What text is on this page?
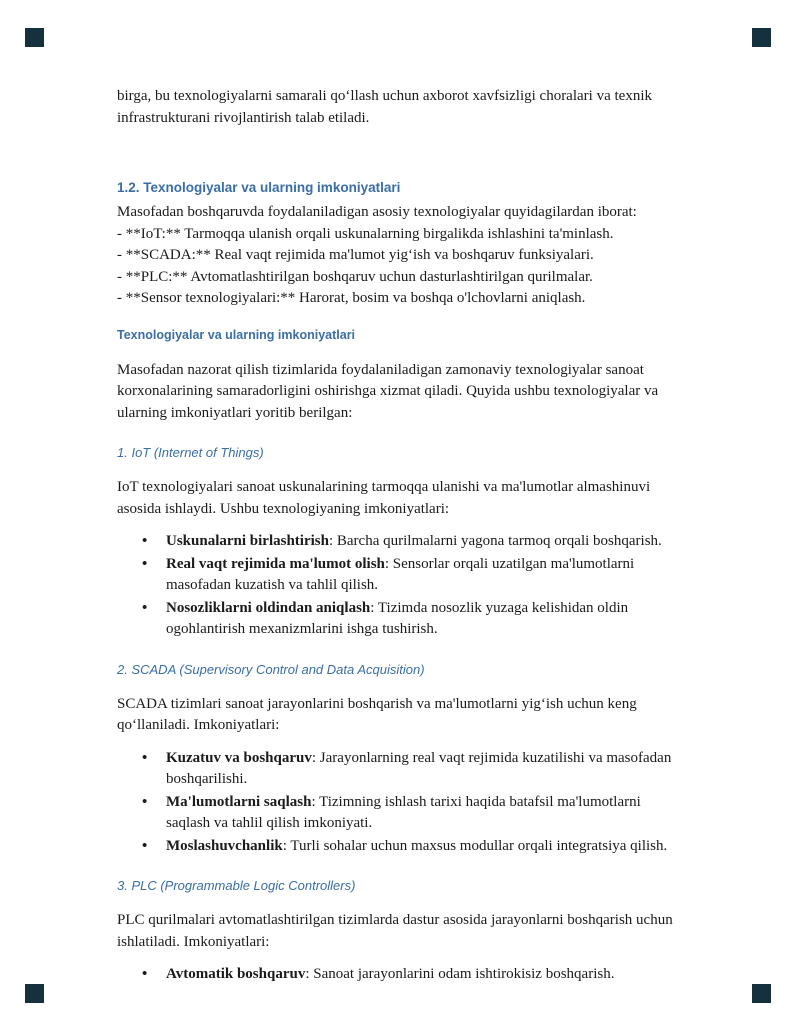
birga, bu texnologiyalarni samarali qo‘llash uchun axborot xavfsizligi choralari va texnik infrastrukturani rivojlantirish talab etiladi.

1.2. Texnologiyalar va ularning imkoniyatlari

Masofadan boshqaruvda foydalaniladigan asosiy texnologiyalar quyidagilardan iborat:

- **IoT:** Tarmoqqa ulanish orqali uskunalarning birgalikda ishlashini ta'minlash.

- **SCADA:** Real vaqt rejimida ma'lumot yig‘ish va boshqaruv funksiyalari.

- **PLC:** Avtomatlashtirilgan boshqaruv uchun dasturlashtirilgan qurilmalar.

- **Sensor texnologiyalari:** Harorat, bosim va boshqa o'lchovlarni aniqlash.

Texnologiyalar va ularning imkoniyatlari

Masofadan nazorat qilish tizimlarida foydalaniladigan zamonaviy texnologiyalar sanoat korxonalarining samaradorligini oshirishga xizmat qiladi. Quyida ushbu texnologiyalar va ularning imkoniyatlari yoritib berilgan:

1. IoT (Internet of Things)

IoT texnologiyalari sanoat uskunalarining tarmoqqa ulanishi va ma'lumotlar almashinuvi asosida ishlaydi. Ushbu texnologiyaning imkoniyatlari:

• Uskunalarni birlashtirish: Barcha qurilmalarni yagona tarmoq orqali boshqarish.
• Real vaqt rejimida ma'lumot olish: Sensorlar orqali uzatilgan ma'lumotlarni masofadan kuzatish va tahlil qilish.
• Nosozliklarni oldindan aniqlash: Tizimda nosozlik yuzaga kelishidan oldin ogohlantirish mexanizmlarini ishga tushirish.
2. SCADA (Supervisory Control and Data Acquisition)

SCADA tizimlari sanoat jarayonlarini boshqarish va ma'lumotlarni yig‘ish uchun keng qo‘llaniladi. Imkoniyatlari:

• Kuzatuv va boshqaruv: Jarayonlarning real vaqt rejimida kuzatilishi va masofadan boshqarilishi.
• Ma'lumotlarni saqlash: Tizimning ishlash tarixi haqida batafsil ma'lumotlarni saqlash va tahlil qilish imkoniyati.
• Moslashuvchanlik: Turli sohalar uchun maxsus modullar orqali integratsiya qilish.
3. PLC (Programmable Logic Controllers)

PLC qurilmalari avtomatlashtirilgan tizimlarda dastur asosida jarayonlarni boshqarish uchun ishlatiladi. Imkoniyatlari:

• Avtomatik boshqaruv: Sanoat jarayonlarini odam ishtirokisiz boshqarish.
